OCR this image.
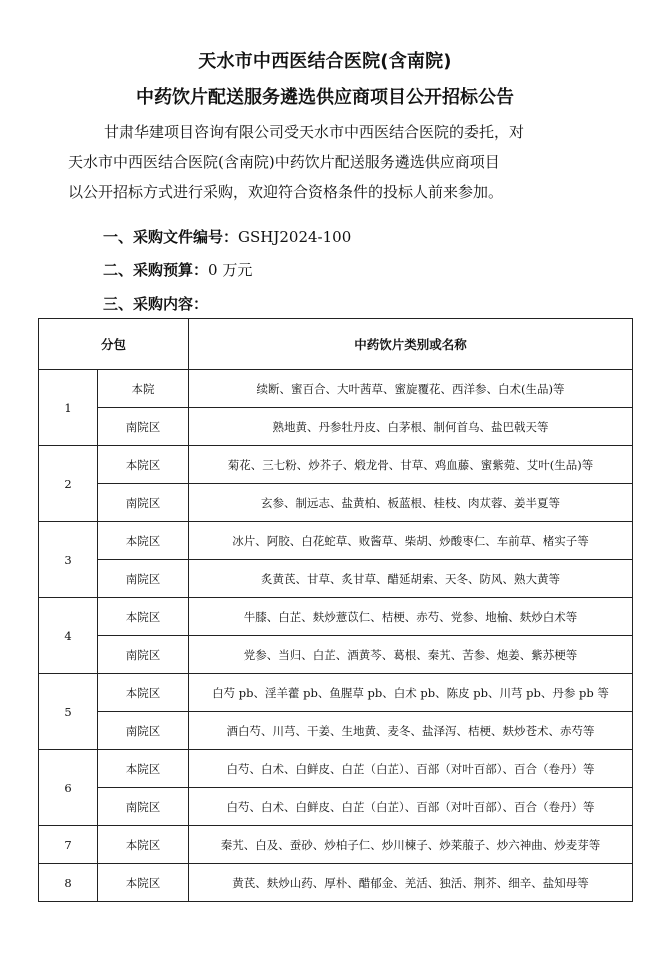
天水市中西医结合医院(含南院)
中药饮片配送服务遴选供应商项目公开招标公告
甘肃华建项目咨询有限公司受天水市中西医结合医院的委托，对
天水市中西医结合医院(含南院)中药饮片配送服务遴选供应商项目
以公开招标方式进行采购，欢迎符合资格条件的投标人前来参加。
一、采购文件编号：GSHJ2024-100
二、采购预算：0 万元
三、采购内容：
分包		中药饮片类别或名称
1	本院	续断、蜜百合、大叶茜草、蜜旋覆花、西洋参、白术(生品)等
	南院区	熟地黄、丹参牡丹皮、白茅根、制何首乌、盐巴戟天等
2	本院区	菊花、三七粉、炒芥子、煅龙骨、甘草、鸡血藤、蜜紫菀、艾叶(生品)等
	南院区	玄参、制远志、盐黄柏、板蓝根、桂枝、肉苁蓉、姜半夏等
3	本院区	冰片、阿胶、白花蛇草、败酱草、柴胡、炒酸枣仁、车前草、楮实子等
	南院区	炙黄芪、甘草、炙甘草、醋延胡索、天冬、防风、熟大黄等
4	本院区	牛膝、白芷、麸炒薏苡仁、桔梗、赤芍、党参、地榆、麸炒白术等
	南院区	党参、当归、白芷、酒黄芩、葛根、秦艽、苦参、炮姜、紫苏梗等
5	本院区	白芍 pb、淫羊藿 pb、鱼腥草 pb、白术 pb、陈皮 pb、川芎 pb、丹参 pb 等
	南院区	酒白芍、川芎、干姜、生地黄、麦冬、盐泽泻、桔梗、麸炒苍术、赤芍等
6	本院区	白芍、白术、白鲜皮、白芷（白芷）、百部（对叶百部）、百合（卷丹）等
	南院区	白芍、白术、白鲜皮、白芷（白芷）、百部（对叶百部）、百合（卷丹）等
7	本院区	秦艽、白及、蚕砂、炒柏子仁、炒川楝子、炒莱菔子、炒六神曲、炒麦芽等
8	本院区	黄芪、麸炒山药、厚朴、醋郁金、羌活、独活、荆芥、细辛、盐知母等
